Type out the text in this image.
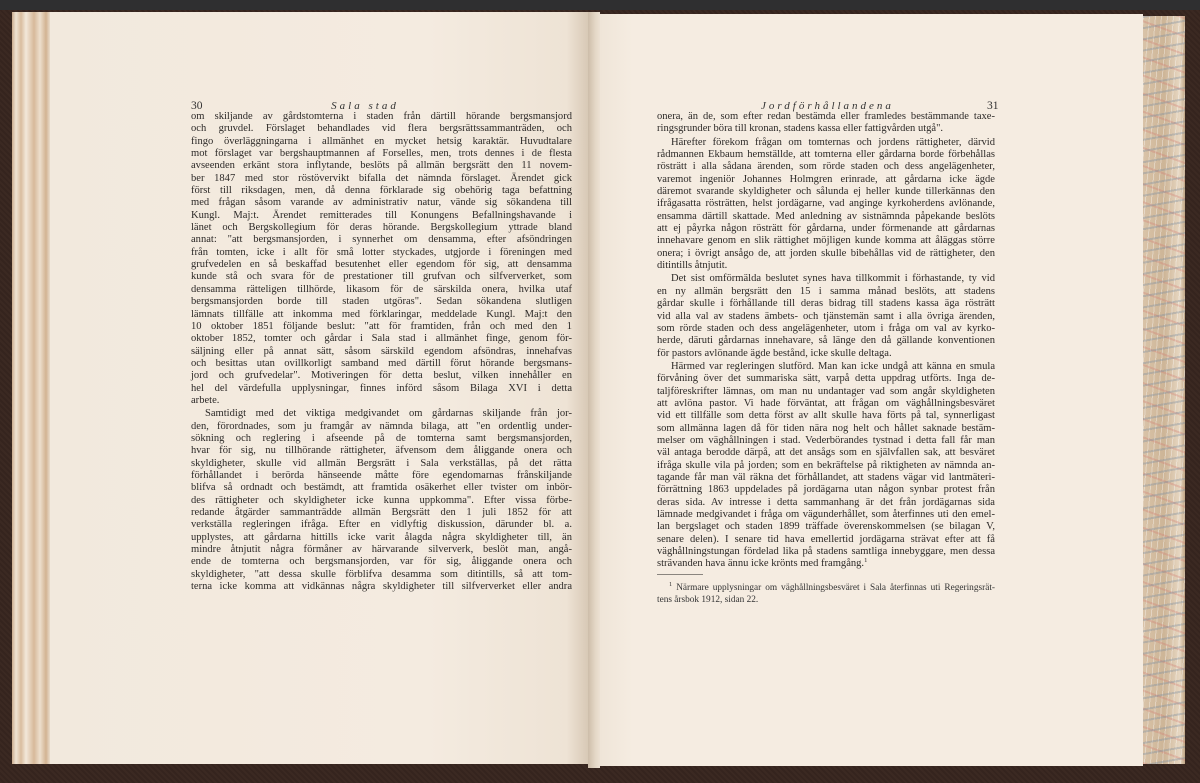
30	Sala stad
om skiljande av gårdstomterna i staden från därtill hörande bergsmansjord
och gruvdel. Förslaget behandlades vid flera bergsrättssammanträden, och
fingo överläggningarna i allmänhet en mycket hetsig karaktär. Huvudtalare
mot förslaget var bergshauptmannen af Forselles, men, trots dennes i de flesta
avseenden erkänt stora inflytande, beslöts på allmän bergsrätt den 11 novem-
ber 1847 med stor röstövervikt bifalla det nämnda förslaget. Ärendet gick
först till riksdagen, men, då denna förklarade sig obehörig taga befattning
med frågan såsom varande av administrativ natur, vände sig sökandena till
Kungl. Maj:t. Ärendet remitterades till Konungens Befallningshavande i
länet och Bergskollegium för deras hörande. Bergskollegium yttrade bland
annat: "att bergsmansjorden, i synnerhet om densamma, efter afsöndringen
från tomten, icke i allt för små lotter styckades, utgjorde i föreningen med
grufvedelen en så beskaffad besutenhet eller egendom för sig, att densamma
kunde stå och svara för de prestationer till grufvan och silfververket, som
densamma rätteligen tillhörde, likasom för de särskilda onera, hvilka utaf
bergsmansjorden borde till staden utgöras". Sedan sökandena slutligen
lämnats tillfälle att inkomma med förklaringar, meddelade Kungl. Maj:t den
10 oktober 1851 följande beslut: "att för framtiden, från och med den 1
oktober 1852, tomter och gårdar i Sala stad i allmänhet finge, genom för-
säljning eller på annat sätt, såsom särskild egendom afsöndras, innehafvas
och besittas utan ovillkorligt samband med därtill förut hörande bergsmans-
jord och grufvedelar". Motiveringen för detta beslut, vilken innehåller en
hel del värdefulla upplysningar, finnes införd såsom Bilaga XVI i detta
arbete.
Samtidigt med det viktiga medgivandet om gårdarnas skiljande från jor-
den, förordnades, som ju framgår av nämnda bilaga, att "en ordentlig under-
sökning och reglering i afseende på de tomterna samt bergsmansjorden,
hvar för sig, nu tillhörande rättigheter, äfvensom dem åliggande onera och
skyldigheter, skulle vid allmän Bergsrätt i Sala verkställas, på det rätta
förhållandet i berörda hänseende måtte före egendomarnas frånskiljande
blifva så ordnadt och bestämdt, att framtida osäkerhet eller tvister om inbör-
des rättigheter och skyldigheter icke kunna uppkomma". Efter vissa förbe-
redande åtgärder sammanträdde allmän Bergsrätt den 1 juli 1852 för att
verkställa regleringen ifråga. Efter en vidlyftig diskussion, därunder bl. a.
upplystes, att gårdarna hittills icke varit ålagda några skyldigheter till, än
mindre åtnjutit några förmåner av härvarande silververk, beslöt man, angå-
ende de tomterna och bergsmansjorden, var för sig, åliggande onera och
skyldigheter, "att dessa skulle förblifva desamma som ditintills, så att tom-
terna icke komma att vidkännas några skyldigheter till silfververket eller andra
Jordförhållandena	31
onera, än de, som efter redan bestämda eller framledes bestämmande taxe-
ringsgrunder böra till kronan, stadens kassa eller fattigvården utgå".
Härefter förekom frågan om tomternas och jordens rättigheter, därvid
rådmannen Ekbaum hemställde, att tomterna eller gårdarna borde förbehållas
rösträtt i alla sådana ärenden, som rörde staden och dess angelägenheter,
varemot ingeniör Johannes Holmgren erinrade, att gårdarna icke ägde
däremot svarande skyldigheter och sålunda ej heller kunde tillerkännas den
ifrågasatta rösträtten, helst jordägarne, vad anginge kyrkoherdens avlönande,
ensamma därtill skattade. Med anledning av sistnämnda påpekande beslöts
att ej påyrka någon rösträtt för gårdarna, under förmenande att gårdarnas
innehavare genom en slik rättighet möjligen kunde komma att åläggas större
onera; i övrigt ansågo de, att jorden skulle bibehållas vid de rättigheter, den
ditintills åtnjutit.
Det sist omförmälda beslutet synes hava tillkommit i förhastande, ty vid
en ny allmän bergsrätt den 15 i samma månad beslöts, att stadens
gårdar skulle i förhållande till deras bidrag till stadens kassa äga rösträtt
vid alla val av stadens ämbets- och tjänstemän samt i alla övriga ärenden,
som rörde staden och dess angelägenheter, utom i fråga om val av kyrko-
herde, däruti gårdarnas innehavare, så länge den då gällande konventionen
för pastors avlönande ägde bestånd, icke skulle deltaga.
Härmed var regleringen slutförd. Man kan icke undgå att känna en smula
förvåning över det summariska sätt, varpå detta uppdrag utförts. Inga de-
taljföreskrifter lämnas, om man nu undantager vad som angår skyldigheten
att avlöna pastor. Vi hade förväntat, att frågan om väghållningsbesväret
vid ett tillfälle som detta först av allt skulle hava förts på tal, synnerligast
som allmänna lagen då för tiden nära nog helt och hållet saknade bestäm-
melser om väghållningen i stad. Vederbörandes tystnad i detta fall får man
väl antaga berodde därpå, att det ansågs som en självfallen sak, att besväret
ifråga skulle vila på jorden; som en bekräftelse på riktigheten av nämnda an-
tagande får man väl räkna det förhållandet, att stadens vägar vid lantmäteri-
förrättning 1863 uppdelades på jordägarna utan någon synbar protest från
deras sida. Av intresse i detta sammanhang är det från jordägarnas sida
lämnade medgivandet i fråga om vägunderhållet, som återfinnes uti den emel-
lan bergslaget och staden 1899 träffade överenskommelsen (se bilagan V,
senare delen). I senare tid hava emellertid jordägarna strävat efter att få
väghållningstungan fördelad lika på stadens samtliga innebyggare, men dessa
strävanden hava ännu icke krönts med framgång.$^1$
$^1$ Närmare upplysningar om väghållningsbesväret i Sala återfinnas uti Regeringsrät-
tens årsbok 1912, sidan 22.
